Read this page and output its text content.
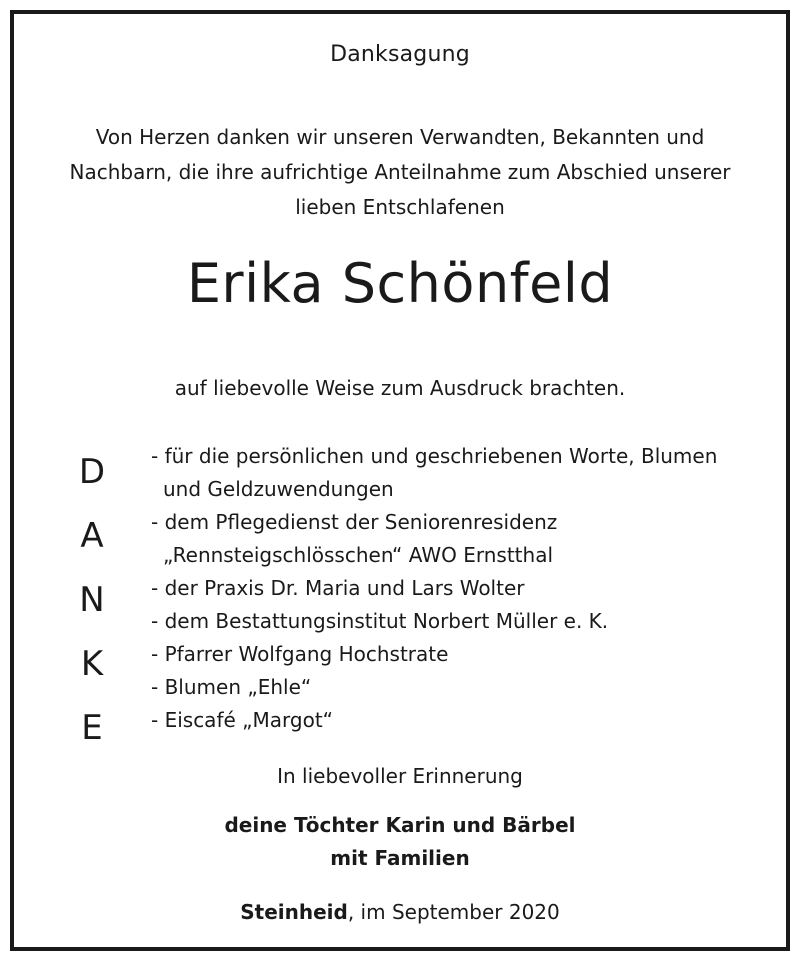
Danksagung
Von Herzen danken wir unseren Verwandten, Bekannten und
Nachbarn, die ihre aufrichtige Anteilnahme zum Abschied unserer
lieben Entschlafenen
Erika Schönfeld
auf liebevolle Weise zum Ausdruck brachten.
D
A
N
K
E
- für die persönlichen und geschriebenen Worte, Blumen
und Geldzuwendungen
- dem Pflegedienst der Seniorenresidenz
„Rennsteigschlösschen“ AWO Ernstthal
- der Praxis Dr. Maria und Lars Wolter
- dem Bestattungsinstitut Norbert Müller e. K.
- Pfarrer Wolfgang Hochstrate
- Blumen „Ehle“
- Eiscafé „Margot“
In liebevoller Erinnerung
deine Töchter Karin und Bärbel
mit Familien
Steinheid, im September 2020
